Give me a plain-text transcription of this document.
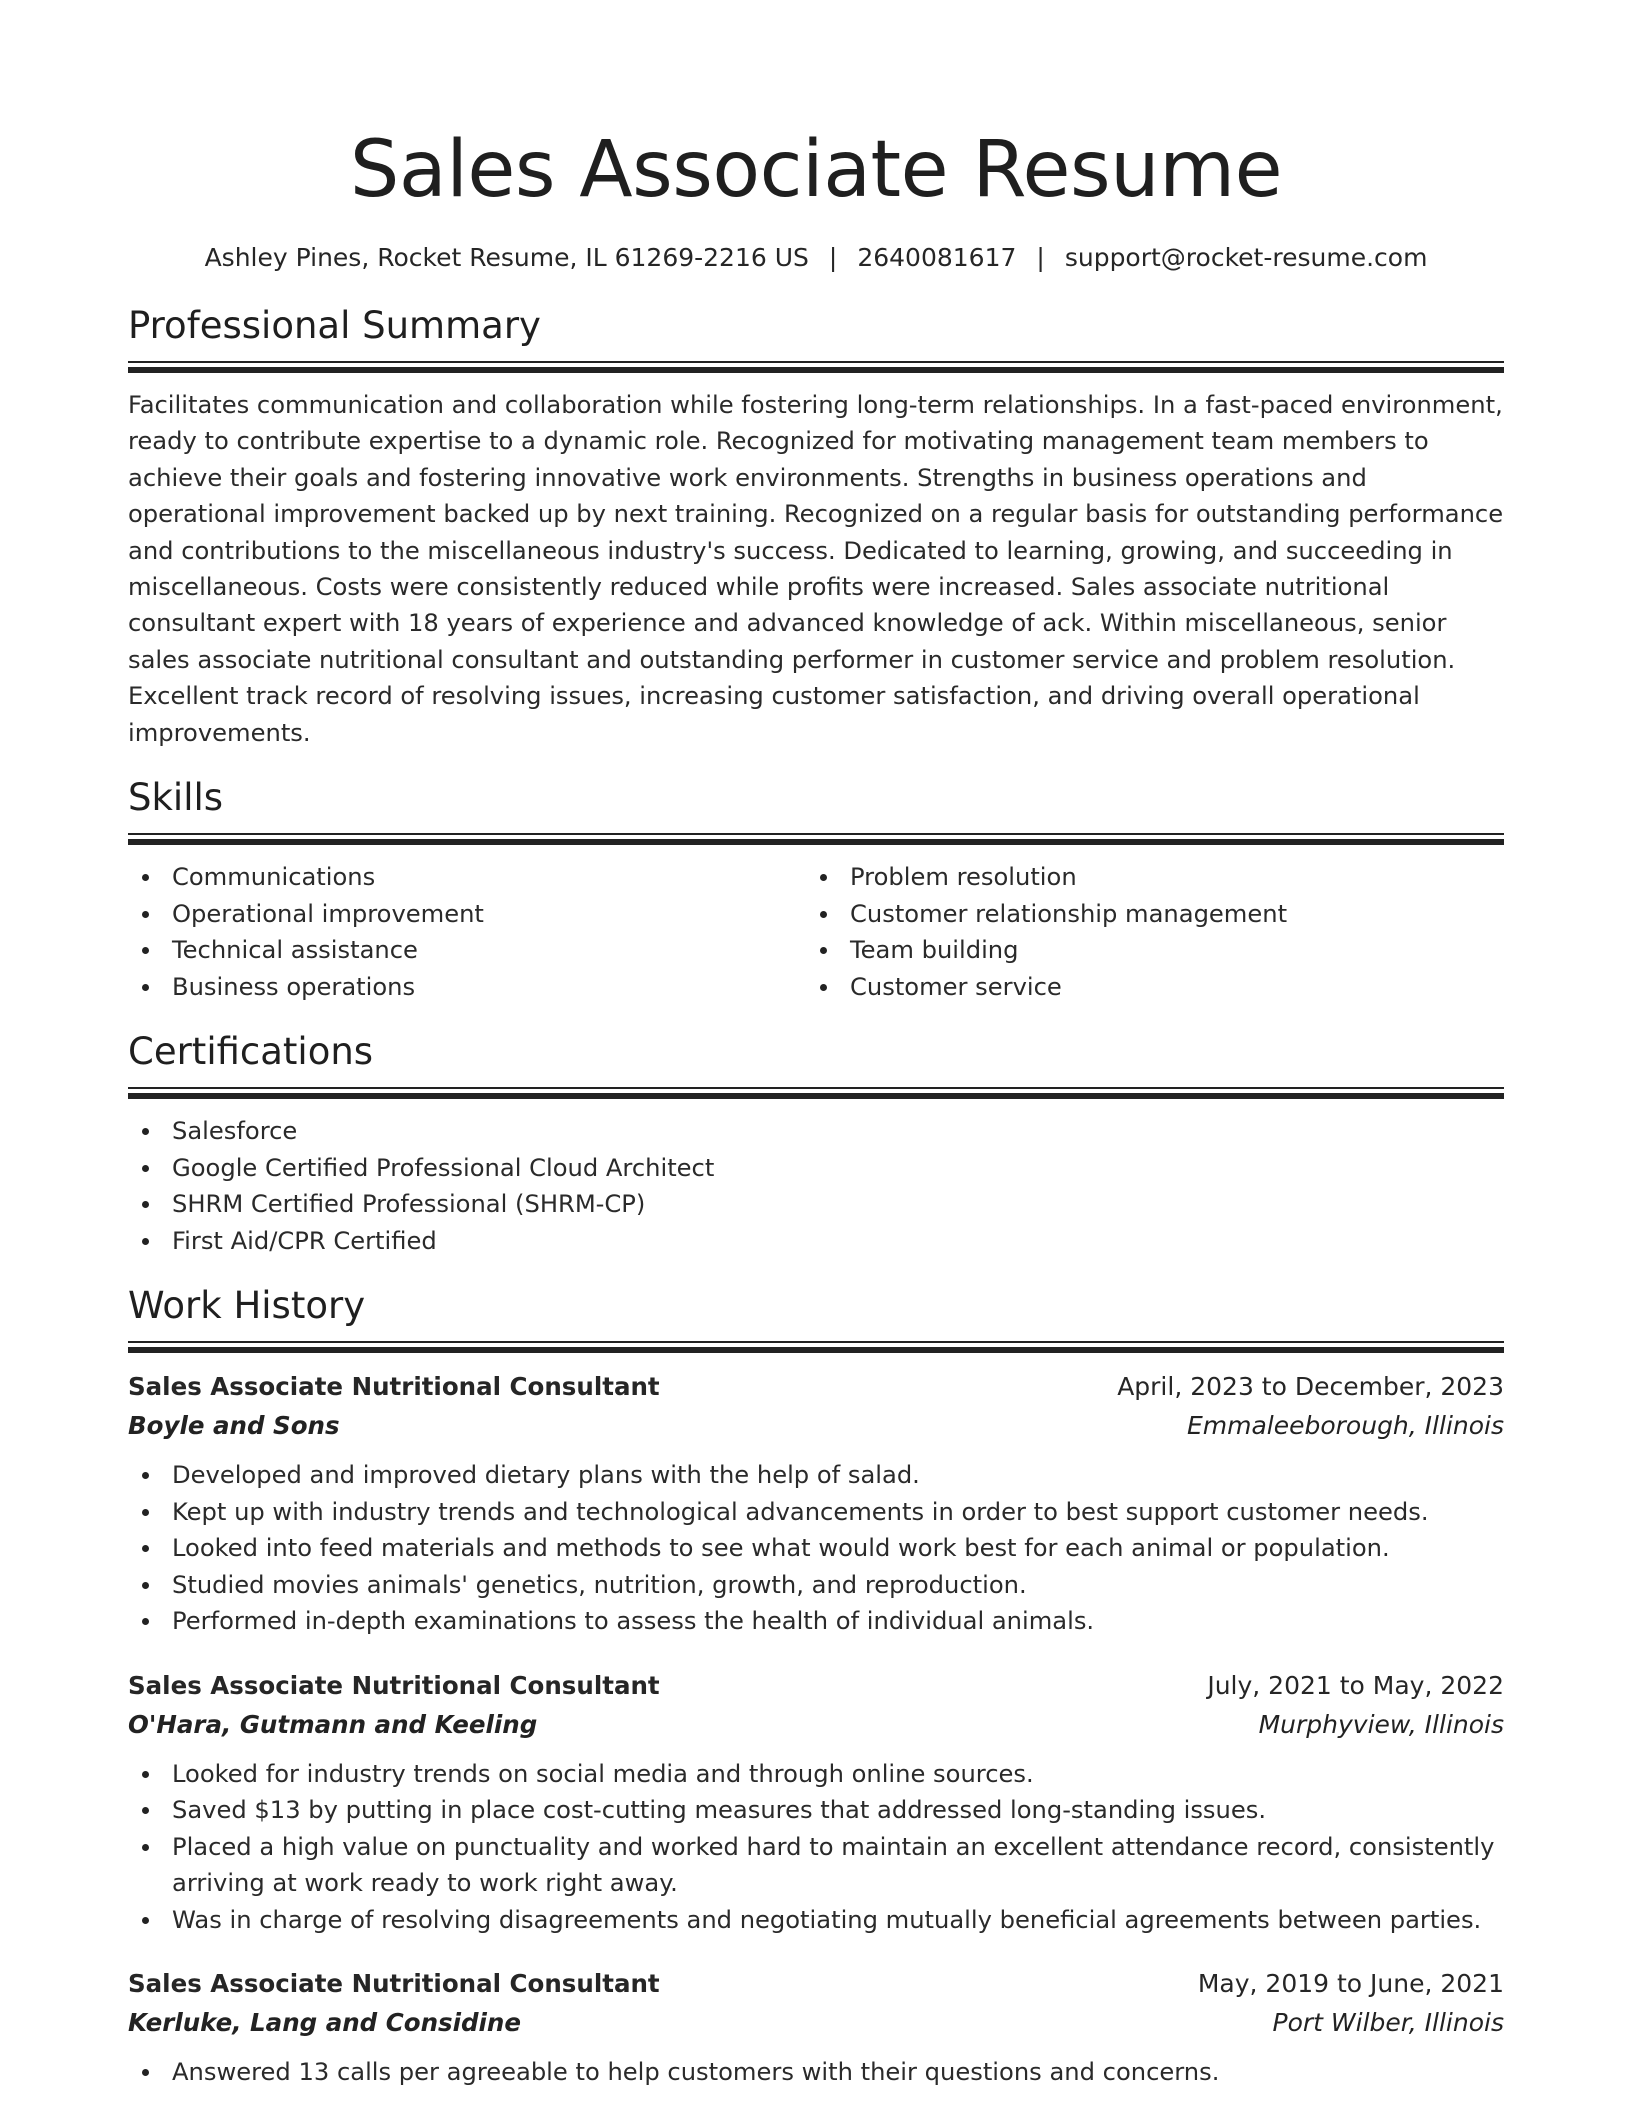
Sales Associate Resume
Ashley Pines, Rocket Resume, IL 61269-2216 US | 2640081617 | support@rocket-resume.com
Professional Summary

Facilitates communication and collaboration while fostering long-term relationships. In a fast-paced environment, ready to contribute expertise to a dynamic role. Recognized for motivating management team members to achieve their goals and fostering innovative work environments. Strengths in business operations and operational improvement backed up by next training. Recognized on a regular basis for outstanding performance and contributions to the miscellaneous industry's success. Dedicated to learning, growing, and succeeding in miscellaneous. Costs were consistently reduced while profits were increased. Sales associate nutritional consultant expert with 18 years of experience and advanced knowledge of ack. Within miscellaneous, senior sales associate nutritional consultant and outstanding performer in customer service and problem resolution. Excellent track record of resolving issues, increasing customer satisfaction, and driving overall operational improvements.

Skills
Communications
Operational improvement
Technical assistance
Business operations
Problem resolution
Customer relationship management
Team building
Customer service
Certifications
Salesforce
Google Certified Professional Cloud Architect
SHRM Certified Professional (SHRM-CP)
First Aid/CPR Certified
Work History
Sales Associate Nutritional Consultant	April, 2023 to December, 2023
Boyle and Sons	Emmaleeborough, Illinois
Developed and improved dietary plans with the help of salad.
Kept up with industry trends and technological advancements in order to best support customer needs.
Looked into feed materials and methods to see what would work best for each animal or population.
Studied movies animals' genetics, nutrition, growth, and reproduction.
Performed in-depth examinations to assess the health of individual animals.
Sales Associate Nutritional Consultant	July, 2021 to May, 2022
O'Hara, Gutmann and Keeling	Murphyview, Illinois
Looked for industry trends on social media and through online sources.
Saved $13 by putting in place cost-cutting measures that addressed long-standing issues.
Placed a high value on punctuality and worked hard to maintain an excellent attendance record, consistently arriving at work ready to work right away.
Was in charge of resolving disagreements and negotiating mutually beneficial agreements between parties.
Sales Associate Nutritional Consultant	May, 2019 to June, 2021
Kerluke, Lang and Considine	Port Wilber, Illinois
Answered 13 calls per agreeable to help customers with their questions and concerns.
